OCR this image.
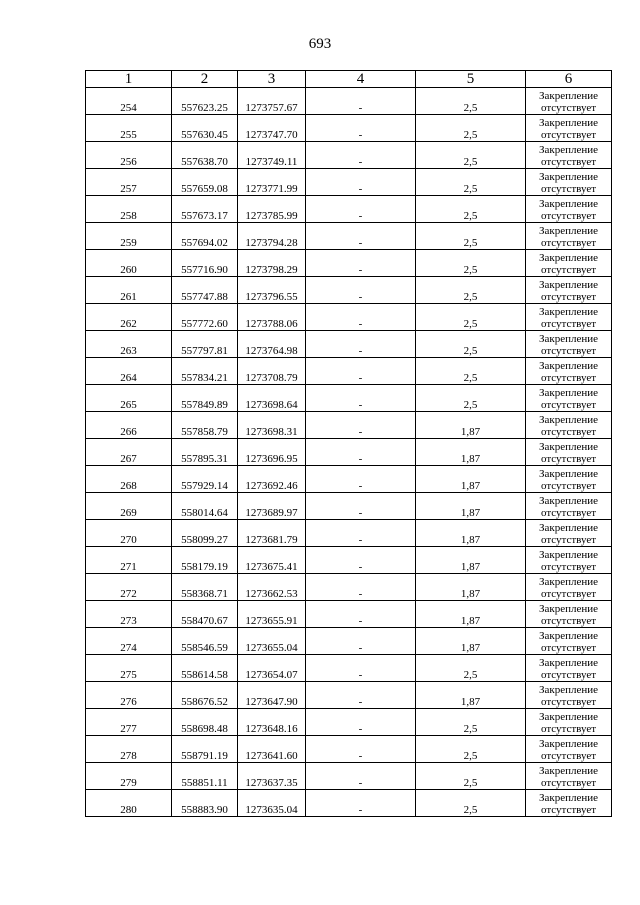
693
1	2	3	4	5	6
254	557623.25	1273757.67	-	2,5	Закрепление
отсутствует

255	557630.45	1273747.70	-	2,5	Закрепление
отсутствует

256	557638.70	1273749.11	-	2,5	Закрепление
отсутствует

257	557659.08	1273771.99	-	2,5	Закрепление
отсутствует

258	557673.17	1273785.99	-	2,5	Закрепление
отсутствует

259	557694.02	1273794.28	-	2,5	Закрепление
отсутствует

260	557716.90	1273798.29	-	2,5	Закрепление
отсутствует

261	557747.88	1273796.55	-	2,5	Закрепление
отсутствует

262	557772.60	1273788.06	-	2,5	Закрепление
отсутствует

263	557797.81	1273764.98	-	2,5	Закрепление
отсутствует

264	557834.21	1273708.79	-	2,5	Закрепление
отсутствует

265	557849.89	1273698.64	-	2,5	Закрепление
отсутствует

266	557858.79	1273698.31	-	1,87	Закрепление
отсутствует

267	557895.31	1273696.95	-	1,87	Закрепление
отсутствует

268	557929.14	1273692.46	-	1,87	Закрепление
отсутствует

269	558014.64	1273689.97	-	1,87	Закрепление
отсутствует

270	558099.27	1273681.79	-	1,87	Закрепление
отсутствует

271	558179.19	1273675.41	-	1,87	Закрепление
отсутствует

272	558368.71	1273662.53	-	1,87	Закрепление
отсутствует

273	558470.67	1273655.91	-	1,87	Закрепление
отсутствует

274	558546.59	1273655.04	-	1,87	Закрепление
отсутствует

275	558614.58	1273654.07	-	2,5	Закрепление
отсутствует

276	558676.52	1273647.90	-	1,87	Закрепление
отсутствует

277	558698.48	1273648.16	-	2,5	Закрепление
отсутствует

278	558791.19	1273641.60	-	2,5	Закрепление
отсутствует

279	558851.11	1273637.35	-	2,5	Закрепление
отсутствует

280	558883.90	1273635.04	-	2,5	Закрепление
отсутствует
